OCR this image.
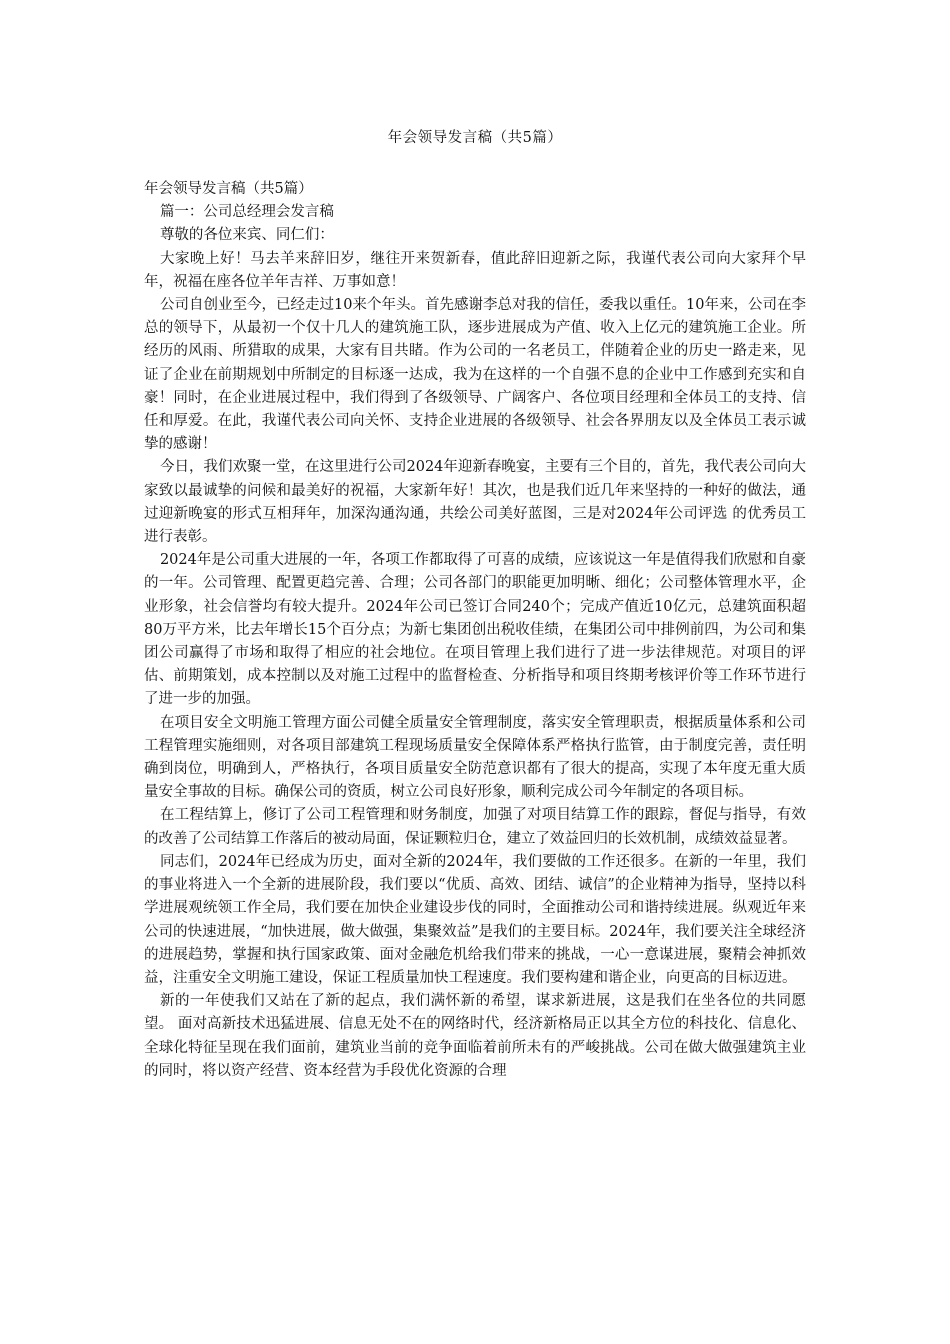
年会领导发言稿（共5篇）
年会领导发言稿（共5篇）
篇一：公司总经理会发言稿
尊敬的各位来宾、同仁们：

大家晚上好！马去羊来辞旧岁，继往开来贺新春，值此辞旧迎新之际，我谨代表公司向大家拜个早年，祝福在座各位羊年吉祥、万事如意！

公司自创业至今，已经走过10来个年头。首先感谢李总对我的信任，委我以重任。10年来，公司在李总的领导下，从最初一个仅十几人的建筑施工队，逐步进展成为产值、收入上亿元的建筑施工企业。所经历的风雨、所猎取的成果，大家有目共睹。作为公司的一名老员工，伴随着企业的历史一路走来，见证了企业在前期规划中所制定的目标逐一达成，我为在这样的一个自强不息的企业中工作感到充实和自豪！同时，在企业进展过程中，我们得到了各级领导、广阔客户、各位项目经理和全体员工的支持、信任和厚爱。在此，我谨代表公司向关怀、支持企业进展的各级领导、社会各界朋友以及全体员工表示诚挚的感谢！

今日，我们欢聚一堂，在这里进行公司2024年迎新春晚宴，主要有三个目的，首先，我代表公司向大家致以最诚挚的问候和最美好的祝福，大家新年好！其次，也是我们近几年来坚持的一种好的做法，通过迎新晚宴的形式互相拜年，加深沟通沟通，共绘公司美好蓝图，三是对2024年公司评选 的优秀员工进行表彰。

2024年是公司重大进展的一年，各项工作都取得了可喜的成绩，应该说这一年是值得我们欣慰和自豪的一年。公司管理、配置更趋完善、合理；公司各部门的职能更加明晰、细化；公司整体管理水平，企业形象，社会信誉均有较大提升。2024年公司已签订合同240个；完成产值近10亿元，总建筑面积超80万平方米，比去年增长15个百分点；为新七集团创出税收佳绩，在集团公司中排例前四，为公司和集团公司赢得了市场和取得了相应的社会地位。在项目管理上我们进行了进一步法律规范。对项目的评估、前期策划，成本控制以及对施工过程中的监督检查、分析指导和项目终期考核评价等工作环节进行了进一步的加强。

在项目安全文明施工管理方面公司健全质量安全管理制度，落实安全管理职责，根据质量体系和公司工程管理实施细则，对各项目部建筑工程现场质量安全保障体系严格执行监管，由于制度完善，责任明确到岗位，明确到人，严格执行，各项目质量安全防范意识都有了很大的提高，实现了本年度无重大质量安全事故的目标。确保公司的资质，树立公司良好形象，顺利完成公司今年制定的各项目标。

在工程结算上，修订了公司工程管理和财务制度，加强了对项目结算工作的跟踪，督促与指导，有效的改善了公司结算工作落后的被动局面，保证颗粒归仓，建立了效益回归的长效机制，成绩效益显著。

同志们，2024年已经成为历史，面对全新的2024年，我们要做的工作还很多。在新的一年里，我们的事业将进入一个全新的进展阶段，我们要以“优质、高效、团结、诚信”的企业精神为指导，坚持以科学进展观统领工作全局，我们要在加快企业建设步伐的同时，全面推动公司和谐持续进展。纵观近年来公司的快速进展，“加快进展，做大做强，集聚效益”是我们的主要目标。2024年，我们要关注全球经济的进展趋势，掌握和执行国家政策、面对金融危机给我们带来的挑战，一心一意谋进展，聚精会神抓效益，注重安全文明施工建设，保证工程质量加快工程速度。我们要构建和谐企业，向更高的目标迈进。

新的一年使我们又站在了新的起点，我们满怀新的希望，谋求新进展，这是我们在坐各位的共同愿望。 面对高新技术迅猛进展、信息无处不在的网络时代，经济新格局正以其全方位的科技化、信息化、全球化特征呈现在我们面前，建筑业当前的竞争面临着前所未有的严峻挑战。公司在做大做强建筑主业的同时，将以资产经营、资本经营为手段优化资源的合理
